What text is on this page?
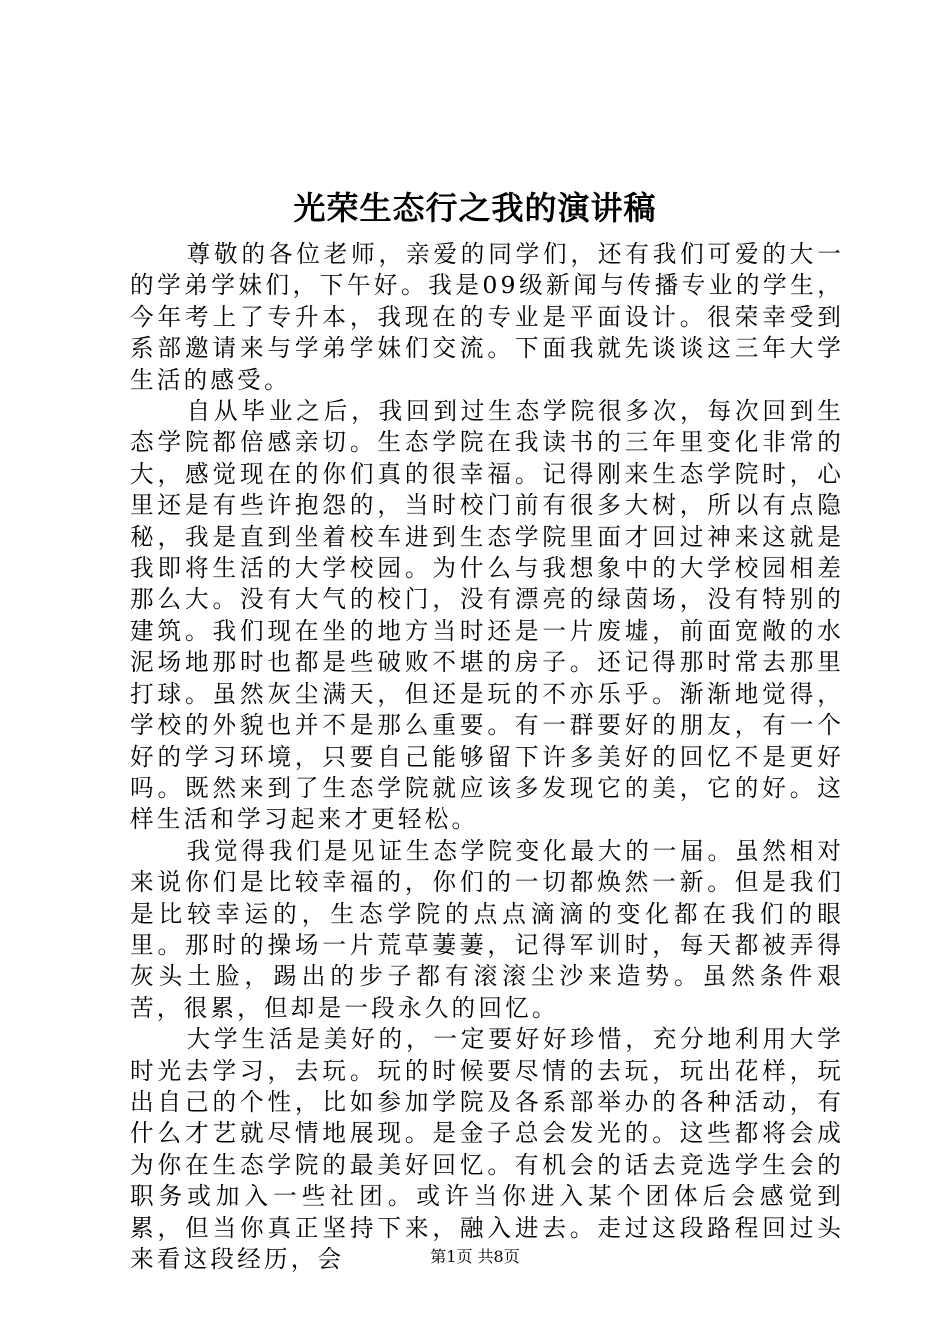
光荣生态行之我的演讲稿

尊敬的各位老师，亲爱的同学们，还有我们可爱的大一的学弟学妹们，下午好。我是09级新闻与传播专业的学生，今年考上了专升本，我现在的专业是平面设计。很荣幸受到系部邀请来与学弟学妹们交流。下面我就先谈谈这三年大学生活的感受。

自从毕业之后，我回到过生态学院很多次，每次回到生态学院都倍感亲切。生态学院在我读书的三年里变化非常的大，感觉现在的你们真的很幸福。记得刚来生态学院时，心里还是有些许抱怨的，当时校门前有很多大树，所以有点隐秘，我是直到坐着校车进到生态学院里面才回过神来这就是我即将生活的大学校园。为什么与我想象中的大学校园相差那么大。没有大气的校门，没有漂亮的绿茵场，没有特别的建筑。我们现在坐的地方当时还是一片废墟，前面宽敞的水泥场地那时也都是些破败不堪的房子。还记得那时常去那里打球。虽然灰尘满天，但还是玩的不亦乐乎。渐渐地觉得，学校的外貌也并不是那么重要。有一群要好的朋友，有一个好的学习环境，只要自己能够留下许多美好的回忆不是更好吗。既然来到了生态学院就应该多发现它的美，它的好。这样生活和学习起来才更轻松。

我觉得我们是见证生态学院变化最大的一届。虽然相对来说你们是比较幸福的，你们的一切都焕然一新。但是我们是比较幸运的，生态学院的点点滴滴的变化都在我们的眼里。那时的操场一片荒草萋萋，记得军训时，每天都被弄得灰头土脸，踢出的步子都有滚滚尘沙来造势。虽然条件艰苦，很累，但却是一段永久的回忆。

大学生活是美好的，一定要好好珍惜，充分地利用大学时光去学习，去玩。玩的时候要尽情的去玩，玩出花样，玩出自己的个性，比如参加学院及各系部举办的各种活动，有什么才艺就尽情地展现。是金子总会发光的。这些都将会成为你在生态学院的最美好回忆。有机会的话去竞选学生会的职务或加入一些社团。或许当你进入某个团体后会感觉到累，但当你真正坚持下来，融入进去。走过这段路程回过头来看这段经历，会	第1页 共8页
